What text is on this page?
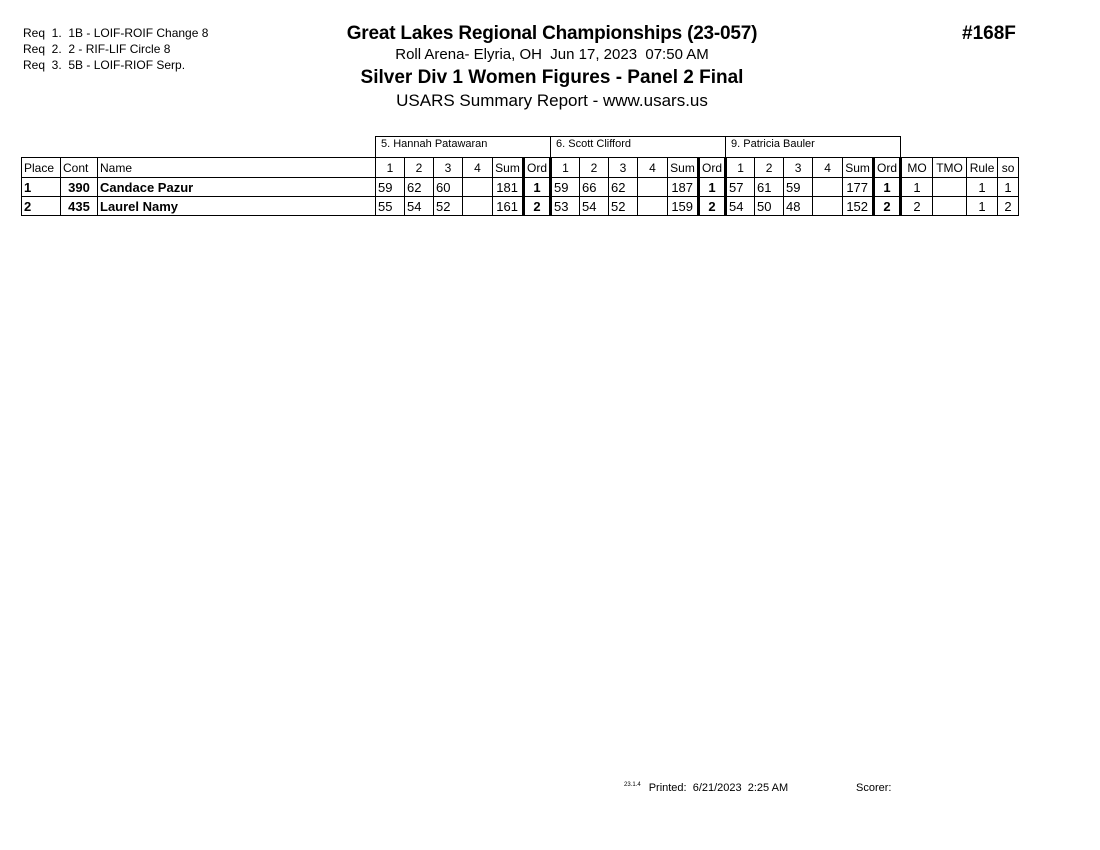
Req  1.  1B - LOIF-ROIF Change 8
Req  2.  2 - RIF-LIF Circle 8
Req  3.  5B - LOIF-RIOF Serp.
Great Lakes Regional Championships (23-057)
Roll Arena- Elyria, OH  Jun 17, 2023  07:50 AM
Silver Div 1 Women Figures - Panel 2 Final
USARS Summary Report - www.usars.us
#168F
			5. Hannah Patawaran						6. Scott Clifford						9. Patricia Bauler									
Place	Cont	Name	1	2	3	4	Sum	Ord	1	2	3	4	Sum	Ord	1	2	3	4	Sum	Ord	MO	TMO	Rule	so
1	390	Candace Pazur	59	62	60		181	1	59	66	62		187	1	57	61	59		177	1	1		1	1
2	435	Laurel Namy	55	54	52		161	2	53	54	52		159	2	54	50	48		152	2	2		1	2
$^{23.1.4}$ Printed:  6/21/2023  2:25 AM	Scorer:
